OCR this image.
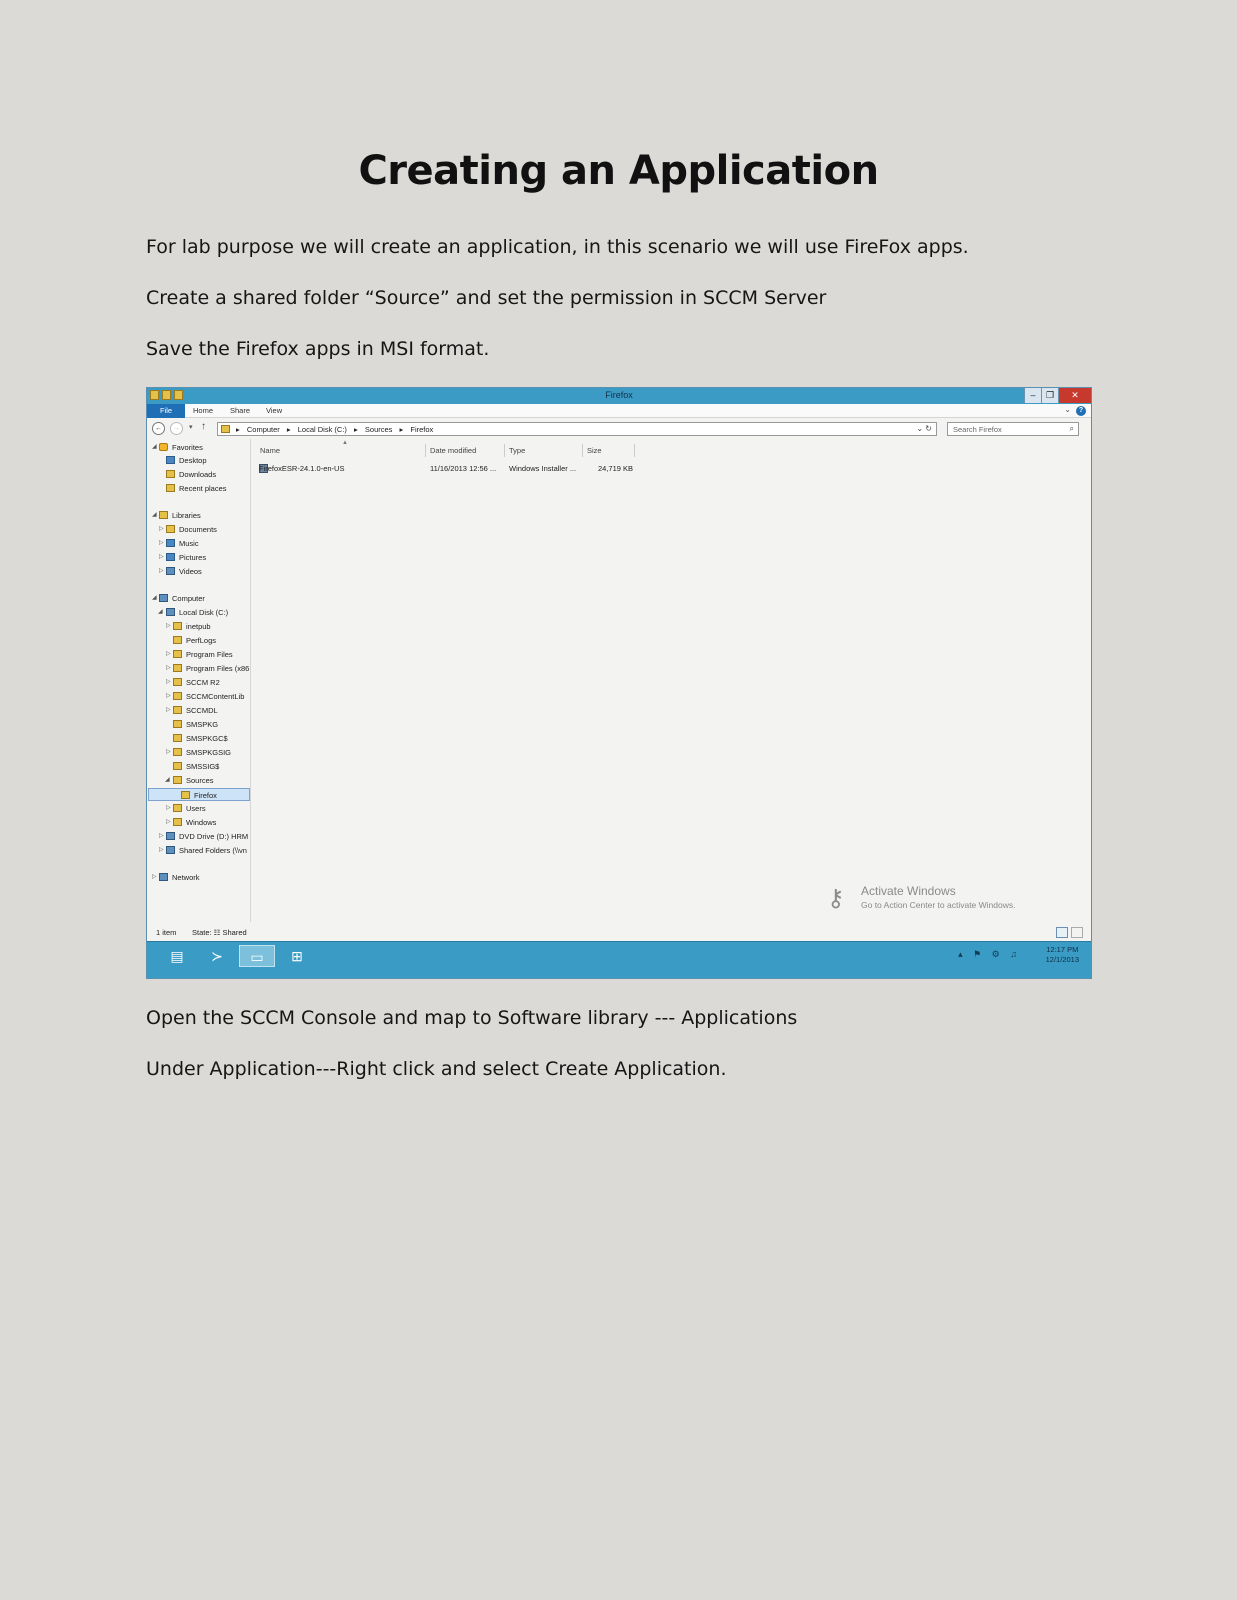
Creating an Application
For lab purpose we will create an application, in this scenario we will use FireFox apps.
Create a shared folder “Source” and set the permission in SCCM Server
Save the Firefox apps in MSI format.
Firefox	–	❐	✕
File	Home Share View	⌄	?
←	→	▾ ↑	▸ Computer ▸ Local Disk (C:) ▸ Sources ▸ Firefox	⌄ ↻	Search Firefox	⌕
◢ Favorites
Desktop
Downloads
Recent places
◢ Libraries
▷ Documents
▷ Music
▷ Pictures
▷ Videos
◢ Computer
◢ Local Disk (C:)
▷ inetpub
PerfLogs
▷ Program Files
▷ Program Files (x86
▷ SCCM R2
▷ SCCMContentLib
▷ SCCMDL
SMSPKG
SMSPKGC$
▷ SMSPKGSIG
SMSSIG$
◢ Sources
Firefox
▷ Users
▷ Windows
▷ DVD Drive (D:) HRM
▷ Shared Folders (\\vn
▷ Network
Name	Date modified	Type	Size
▲
FirefoxESR-24.1.0-en-US	11/16/2013 12:56 ... Windows Installer ...	24,719 KB
⚷	Activate Windows
Go to Action Center to activate Windows.
1 item State: ☷ Shared
▤	≻	▭	⊞	▴ ⚑ ⚙ ♫	12:17 PM
12/1/2013
Open the SCCM Console and map to Software library --- Applications
Under Application---Right click and select Create Application.
